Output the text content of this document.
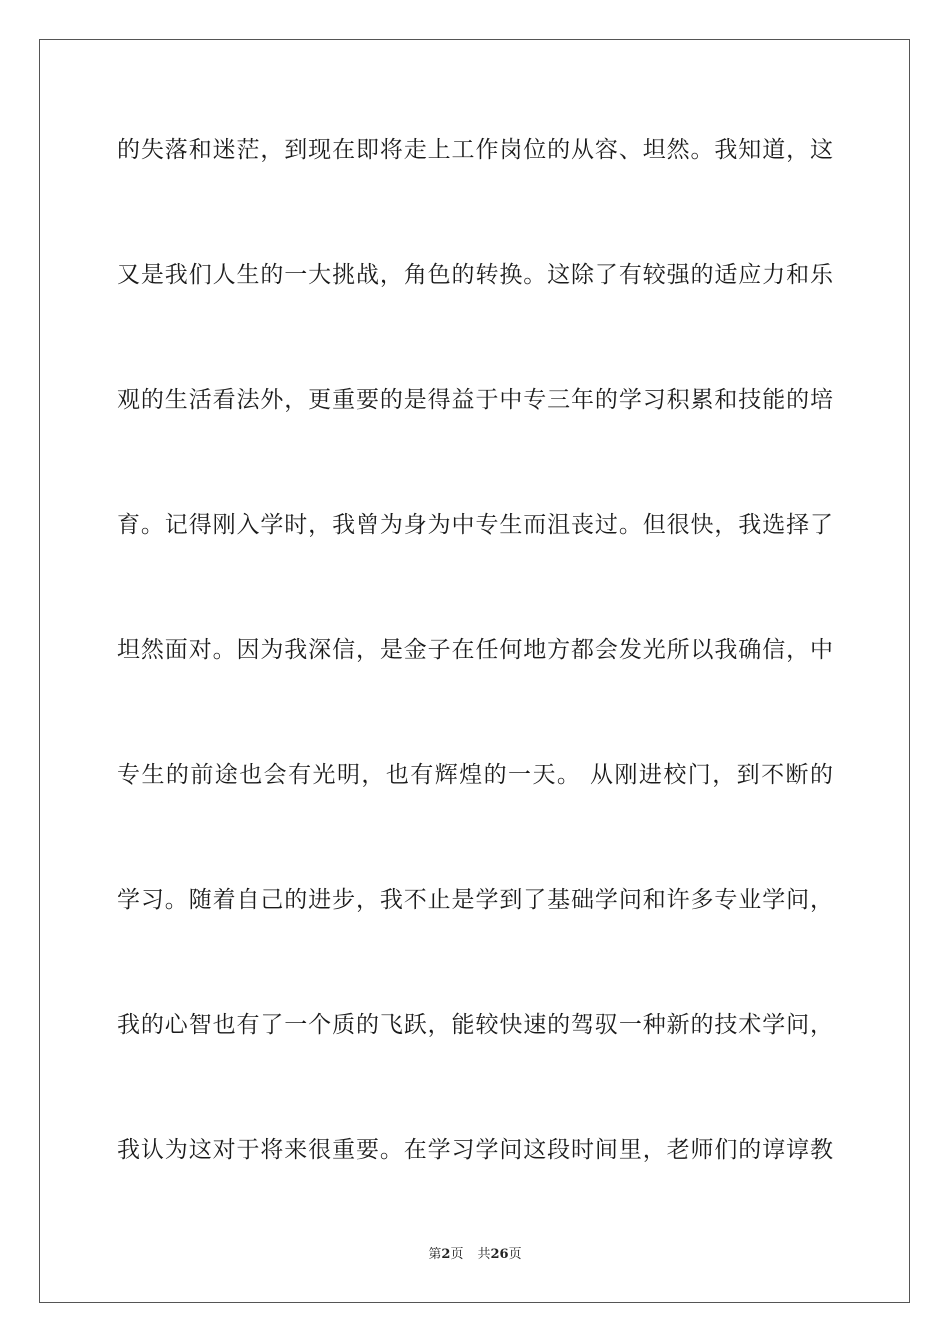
的失落和迷茫，到现在即将走上工作岗位的从容、坦然。我知道，这
又是我们人生的一大挑战，角色的转换。这除了有较强的适应力和乐
观的生活看法外，更重要的是得益于中专三年的学习积累和技能的培
育。记得刚入学时，我曾为身为中专生而沮丧过。但很快，我选择了
坦然面对。因为我深信，是金子在任何地方都会发光所以我确信，中
专生的前途也会有光明，也有辉煌的一天。 从刚进校门，到不断的
学习。随着自己的进步，我不止是学到了基础学问和许多专业学问，
我的心智也有了一个质的飞跃，能较快速的驾驭一种新的技术学问，
我认为这对于将来很重要。在学习学问这段时间里，老师们的谆谆教
第2页 共26页
